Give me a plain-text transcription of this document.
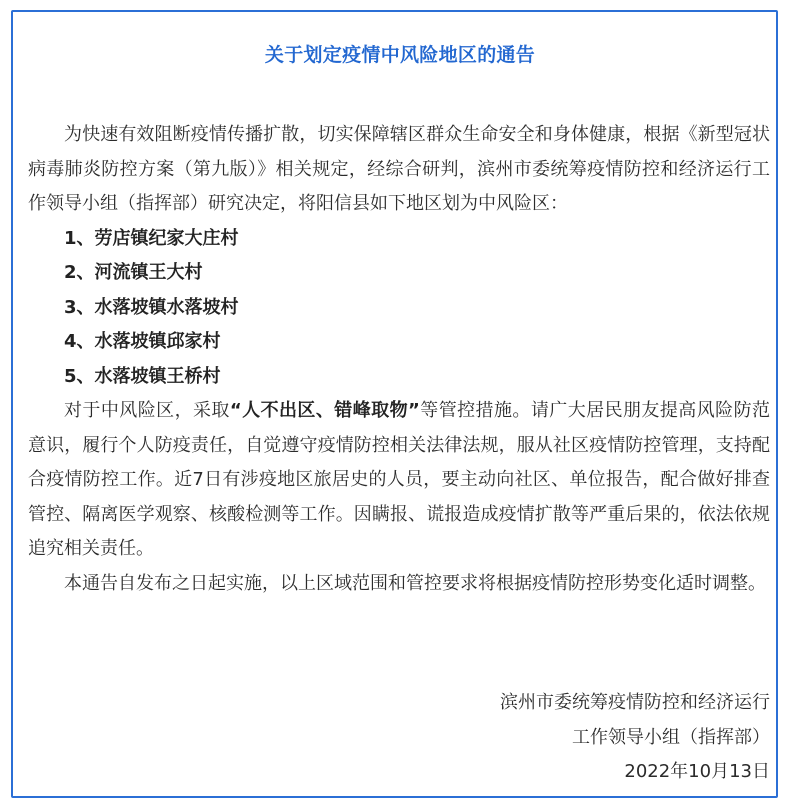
关于划定疫情中风险地区的通告

为快速有效阻断疫情传播扩散，切实保障辖区群众生命安全和身体健康，根据《新型冠状病毒肺炎防控方案（第九版）》相关规定，经综合研判，滨州市委统筹疫情防控和经济运行工作领导小组（指挥部）研究决定，将阳信县如下地区划为中风险区：

1、劳店镇纪家大庄村

2、河流镇王大村

3、水落坡镇水落坡村

4、水落坡镇邱家村

5、水落坡镇王桥村

对于中风险区，采取“人不出区、错峰取物”等管控措施。请广大居民朋友提高风险防范意识，履行个人防疫责任，自觉遵守疫情防控相关法律法规，服从社区疫情防控管理，支持配合疫情防控工作。近7日有涉疫地区旅居史的人员，要主动向社区、单位报告，配合做好排查管控、隔离医学观察、核酸检测等工作。因瞒报、谎报造成疫情扩散等严重后果的，依法依规追究相关责任。

本通告自发布之日起实施，以上区域范围和管控要求将根据疫情防控形势变化适时调整。

滨州市委统筹疫情防控和经济运行
工作领导小组（指挥部）
2022年10月13日
